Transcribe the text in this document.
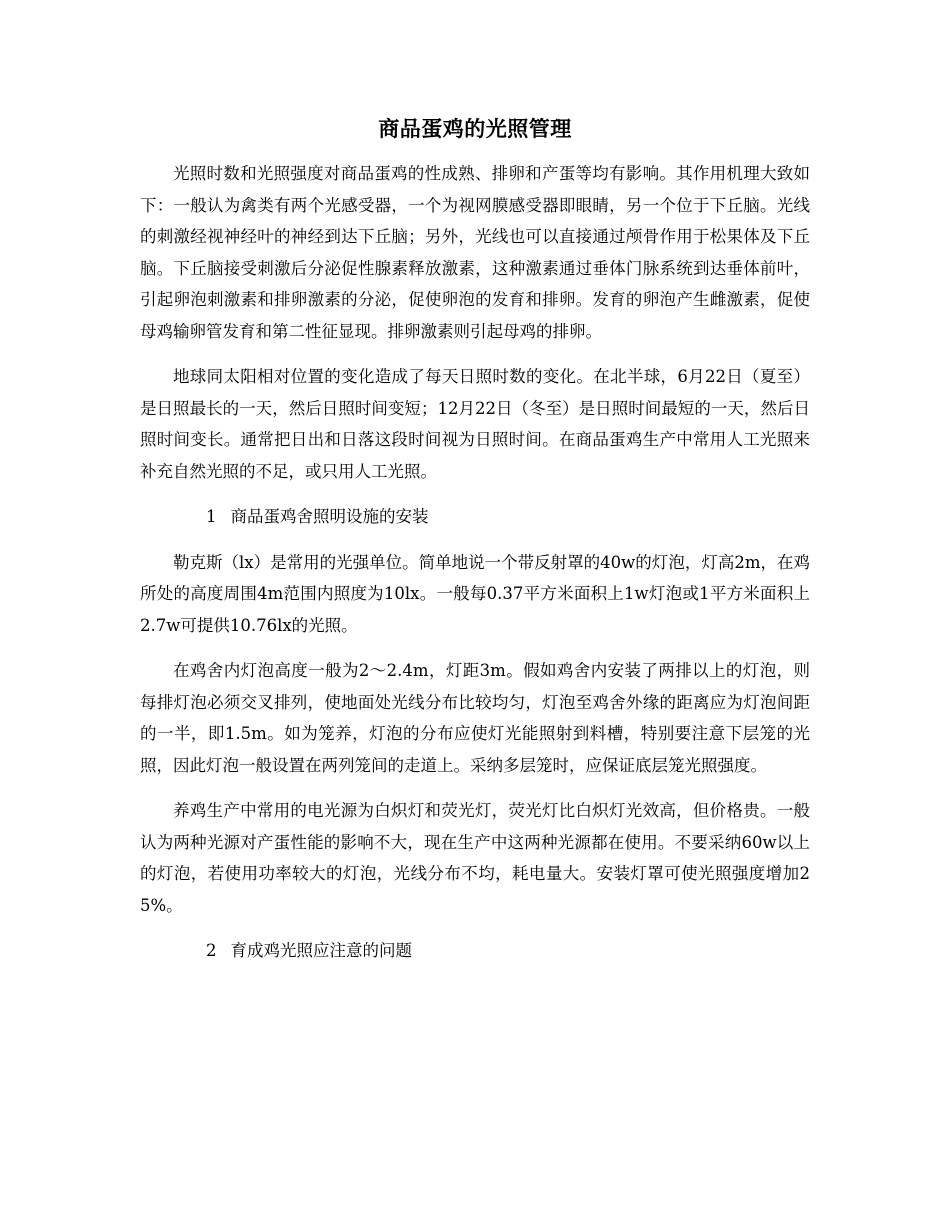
商品蛋鸡的光照管理

光照时数和光照强度对商品蛋鸡的性成熟、排卵和产蛋等均有影响。其作用机理大致如下：一般认为禽类有两个光感受器，一个为视网膜感受器即眼睛，另一个位于下丘脑。光线的刺激经视神经叶的神经到达下丘脑；另外，光线也可以直接通过颅骨作用于松果体及下丘脑。下丘脑接受刺激后分泌促性腺素释放激素，这种激素通过垂体门脉系统到达垂体前叶，引起卵泡刺激素和排卵激素的分泌，促使卵泡的发育和排卵。发育的卵泡产生雌激素，促使母鸡输卵管发育和第二性征显现。排卵激素则引起母鸡的排卵。

地球同太阳相对位置的变化造成了每天日照时数的变化。在北半球，6月22日（夏至）是日照最长的一天，然后日照时间变短；12月22日（冬至）是日照时间最短的一天，然后日照时间变长。通常把日出和日落这段时间视为日照时间。在商品蛋鸡生产中常用人工光照来补充自然光照的不足，或只用人工光照。

1 商品蛋鸡舍照明设施的安装

勒克斯（lx）是常用的光强单位。简单地说一个带反射罩的40w的灯泡，灯高2m，在鸡所处的高度周围4m范围内照度为10lx。一般每0.37平方米面积上1w灯泡或1平方米面积上2.7w可提供10.76lx的光照。

在鸡舍内灯泡高度一般为2～2.4m，灯距3m。假如鸡舍内安装了两排以上的灯泡，则每排灯泡必须交叉排列，使地面处光线分布比较均匀，灯泡至鸡舍外缘的距离应为灯泡间距的一半，即1.5m。如为笼养，灯泡的分布应使灯光能照射到料槽，特别要注意下层笼的光照，因此灯泡一般设置在两列笼间的走道上。采纳多层笼时，应保证底层笼光照强度。

养鸡生产中常用的电光源为白炽灯和荧光灯，荧光灯比白炽灯光效高，但价格贵。一般认为两种光源对产蛋性能的影响不大，现在生产中这两种光源都在使用。不要采纳60w以上的灯泡，若使用功率较大的灯泡，光线分布不均，耗电量大。安装灯罩可使光照强度增加25%。

2 育成鸡光照应注意的问题
